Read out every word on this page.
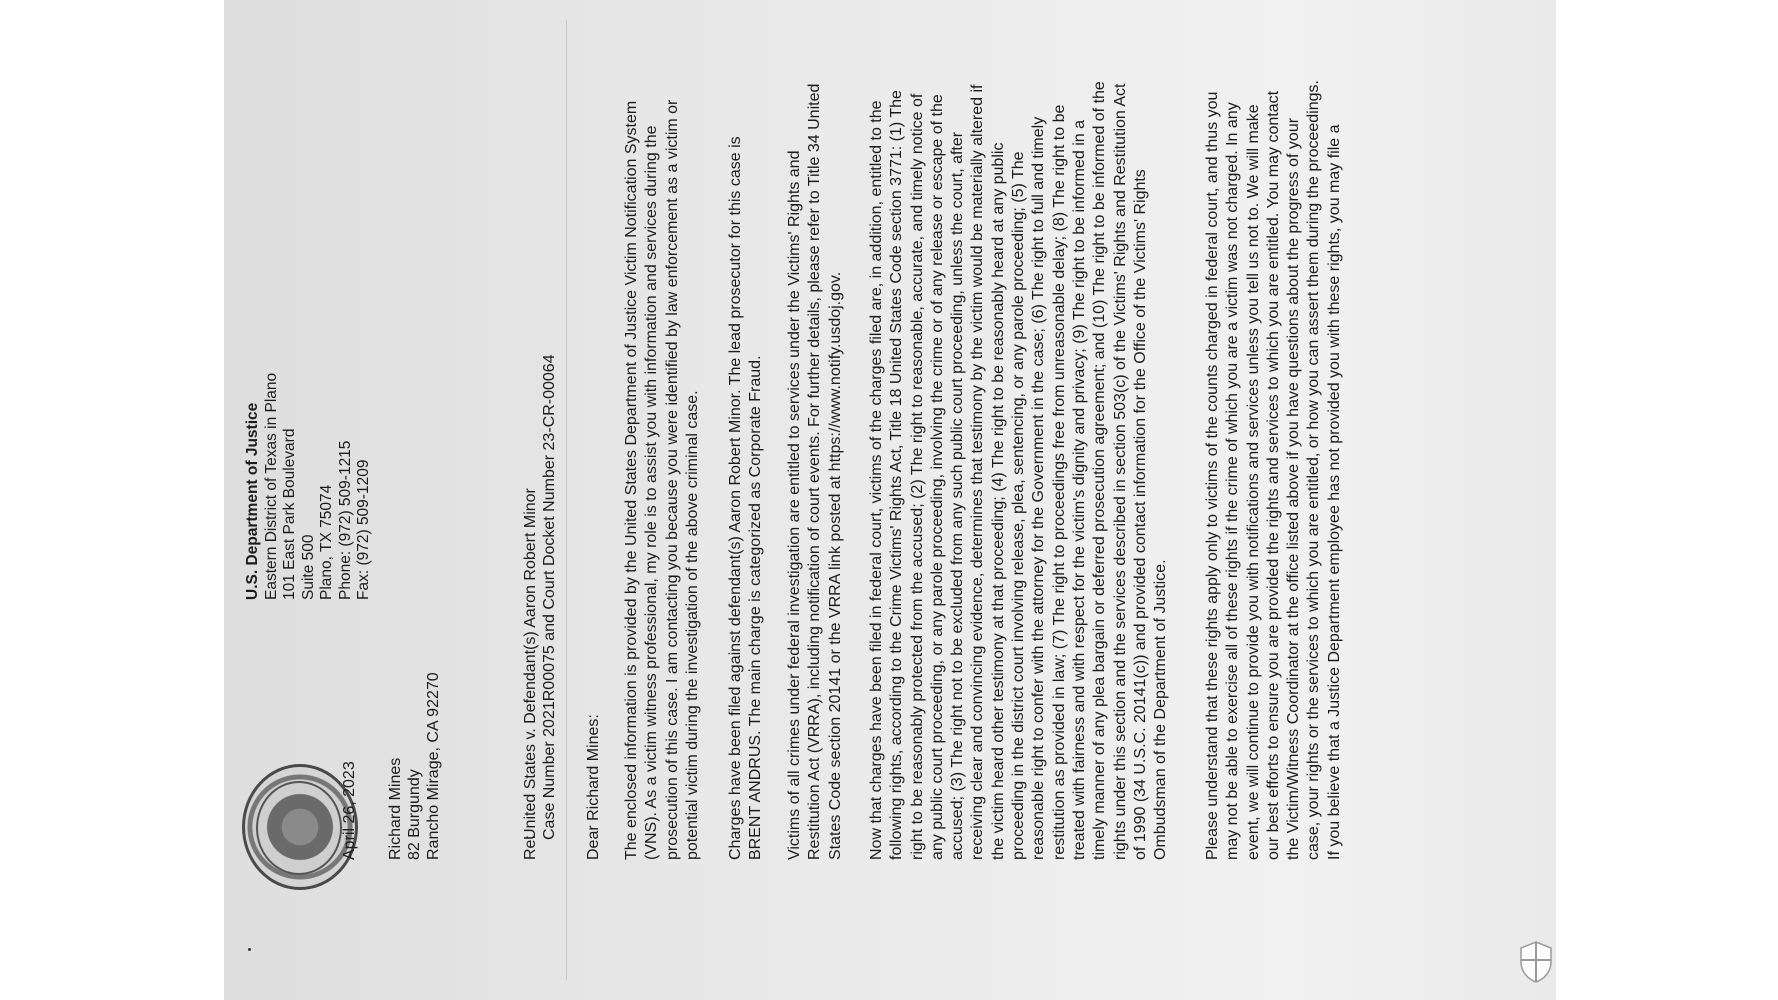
U.S. Department of Justice Eastern District of Texas in Plano 101 East Park Boulevard Suite 500 Plano, TX 75074 Phone: (972) 509-1215 Fax: (972) 509-1209
April 26, 2023 Richard Mines 82 Burgundy Rancho Mirage, CA 92270	Re:United States v. Defendant(s) Aaron Robert Minor Case Number 2021R00075 and Court Docket Number 23-CR-00064 Dear Richard Mines: The enclosed information is provided by the United States Department of Justice Victim Notification System (VNS). As a victim witness professional, my role is to assist you with information and services during the prosecution of this case. I am contacting you because you were identified by law enforcement as a victim or potential victim during the investigation of the above criminal case. Charges have been filed against defendant(s) Aaron Robert Minor. The lead prosecutor for this case is BRENT ANDRUS. The main charge is categorized as Corporate Fraud. Victims of all crimes under federal investigation are entitled to services under the Victims' Rights and Restitution Act (VRRA), including notification of court events. For further details, please refer to Title 34 United States Code section 20141 or the VRRA link posted at https://www.notify.usdoj.gov. Now that charges have been filed in federal court, victims of the charges filed are, in addition, entitled to the following rights, according to the Crime Victims' Rights Act, Title 18 United States Code section 3771: (1) The right to be reasonably protected from the accused; (2) The right to reasonable, accurate, and timely notice of any public court proceeding, or any parole proceeding, involving the crime or of any release or escape of the accused; (3) The right not to be excluded from any such public court proceeding, unless the court, after receiving clear and convincing evidence, determines that testimony by the victim would be materially altered if the victim heard other testimony at that proceeding; (4) The right to be reasonably heard at any public proceeding in the district court involving release, plea, sentencing, or any parole proceeding; (5) The reasonable right to confer with the attorney for the Government in the case; (6) The right to full and timely restitution as provided in law; (7) The right to proceedings free from unreasonable delay; (8) The right to be treated with fairness and with respect for the victim's dignity and privacy; (9) The right to be informed in a timely manner of any plea bargain or deferred prosecution agreement; and (10) The right to be informed of the rights under this section and the services described in section 503(c) of the Victims' Rights and Restitution Act of 1990 (34 U.S.C. 20141(c)) and provided contact information for the Office of the Victims' Rights Ombudsman of the Department of Justice. Please understand that these rights apply only to victims of the counts charged in federal court, and thus you may not be able to exercise all of these rights if the crime of which you are a victim was not charged. In any event, we will continue to provide you with notifications and services unless you tell us not to. We will make our best efforts to ensure you are provided the rights and services to which you are entitled. You may contact the Victim/Witness Coordinator at the office listed above if you have questions about the progress of your case, your rights or the services to which you are entitled, or how you can assert them during the proceedings. If you believe that a Justice Department employee has not provided you with these rights, you may file a
